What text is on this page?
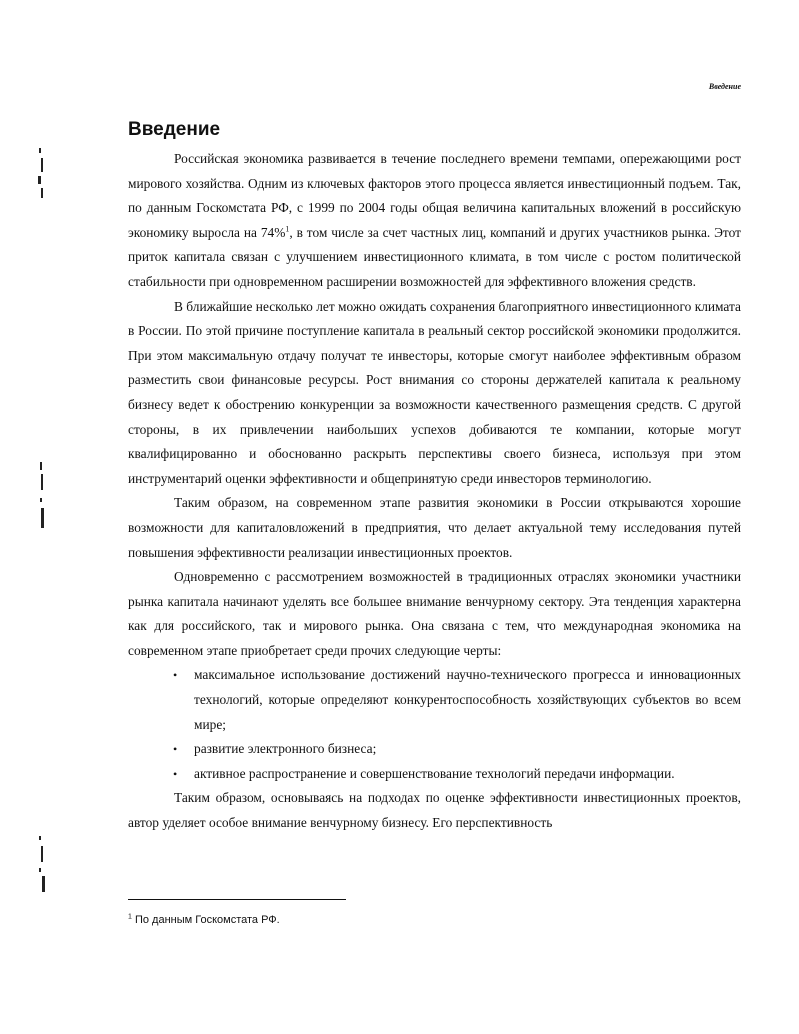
Введение
Введение

Российская экономика развивается в течение последнего времени темпами, опережающими рост мирового хозяйства. Одним из ключевых факторов этого процесса является инвестиционный подъем. Так, по данным Госкомстата РФ, с 1999 по 2004 годы общая величина капитальных вложений в российскую экономику выросла на 74%$^1$, в том числе за счет частных лиц, компаний и других участников рынка. Этот приток капитала связан с улучшением инвестиционного климата, в том числе с ростом политической стабильности при одновременном расширении возможностей для эффективного вложения средств.

В ближайшие несколько лет можно ожидать сохранения благоприятного инвестиционного климата в России. По этой причине поступление капитала в реальный сектор российской экономики продолжится. При этом максимальную отдачу получат те инвесторы, которые смогут наиболее эффективным образом разместить свои финансовые ресурсы. Рост внимания со стороны держателей капитала к реальному бизнесу ведет к обострению конкуренции за возможности качественного размещения средств. С другой стороны, в их привлечении наибольших успехов добиваются те компании, которые могут квалифицированно и обоснованно раскрыть перспективы своего бизнеса, используя при этом инструментарий оценки эффективности и общепринятую среди инвесторов терминологию.

Таким образом, на современном этапе развития экономики в России открываются хорошие возможности для капиталовложений в предприятия, что делает актуальной тему исследования путей повышения эффективности реализации инвестиционных проектов.

Одновременно с рассмотрением возможностей в традиционных отраслях экономики участники рынка капитала начинают уделять все большее внимание венчурному сектору. Эта тенденция характерна как для российского, так и мирового рынка. Она связана с тем, что международная экономика на современном этапе приобретает среди прочих следующие черты:

• максимальное использование достижений научно-технического прогресса и инновационных технологий, которые определяют конкурентоспособность хозяйствующих субъектов во всем мире;
• развитие электронного бизнеса;
• активное распространение и совершенствование технологий передачи информации.

Таким образом, основываясь на подходах по оценке эффективности инвестиционных проектов, автор уделяет особое внимание венчурному бизнесу. Его перспективность

$^1$ По данным Госкомстата РФ.
